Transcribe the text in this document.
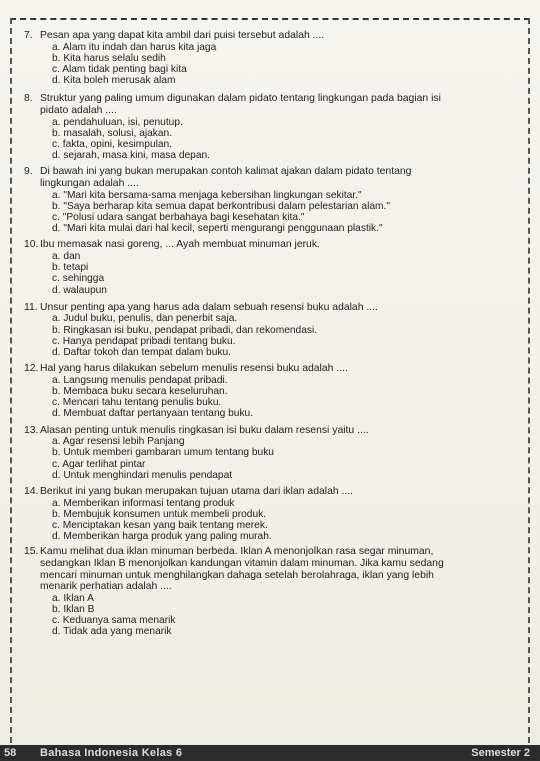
7. Pesan apa yang dapat kita ambil dari puisi tersebut adalah ....
a. Alam itu indah dan harus kita jaga
b. Kita harus selalu sedih
c. Alam tidak penting bagi kita
d. Kita boleh merusak alam
8. Struktur yang paling umum digunakan dalam pidato tentang lingkungan pada bagian isi
pidato adalah ....
a. pendahuluan, isi, penutup.
b. masalah, solusi, ajakan.
c. fakta, opini, kesimpulan.
d. sejarah, masa kini, masa depan.
9. Di bawah ini yang bukan merupakan contoh kalimat ajakan dalam pidato tentang
lingkungan adalah ....
a. "Mari kita bersama-sama menjaga kebersihan lingkungan sekitar."
b. "Saya berharap kita semua dapat berkontribusi dalam pelestarian alam."
c. "Polusi udara sangat berbahaya bagi kesehatan kita."
d. "Mari kita mulai dari hal kecil, seperti mengurangi penggunaan plastik."
10. Ibu memasak nasi goreng, ... Ayah membuat minuman jeruk.
a. dan
b. tetapi
c. sehingga
d. walaupun
11. Unsur penting apa yang harus ada dalam sebuah resensi buku adalah ....
a. Judul buku, penulis, dan penerbit saja.
b. Ringkasan isi buku, pendapat pribadi, dan rekomendasi.
c. Hanya pendapat pribadi tentang buku.
d. Daftar tokoh dan tempat dalam buku.
12. Hal yang harus dilakukan sebelum menulis resensi buku adalah ....
a. Langsung menulis pendapat pribadi.
b. Membaca buku secara keseluruhan.
c. Mencari tahu tentang penulis buku.
d. Membuat daftar pertanyaan tentang buku.
13. Alasan penting untuk menulis ringkasan isi buku dalam resensi yaitu ....
a. Agar resensi lebih Panjang
b. Untuk memberi gambaran umum tentang buku
c. Agar terlihat pintar
d. Untuk menghindari menulis pendapat
14. Berikut ini yang bukan merupakan tujuan utama dari iklan adalah ....
a. Memberikan informasi tentang produk
b. Membujuk konsumen untuk membeli produk.
c. Menciptakan kesan yang baik tentang merek.
d. Memberikan harga produk yang paling murah.
15. Kamu melihat dua iklan minuman berbeda. Iklan A menonjolkan rasa segar minuman,
sedangkan Iklan B menonjolkan kandungan vitamin dalam minuman. Jika kamu sedang
mencari minuman untuk menghilangkan dahaga setelah berolahraga, iklan yang lebih
menarik perhatian adalah ....
a. Iklan A
b. Iklan B
c. Keduanya sama menarik
d. Tidak ada yang menarik
58 Bahasa Indonesia Kelas 6	Semester 2
